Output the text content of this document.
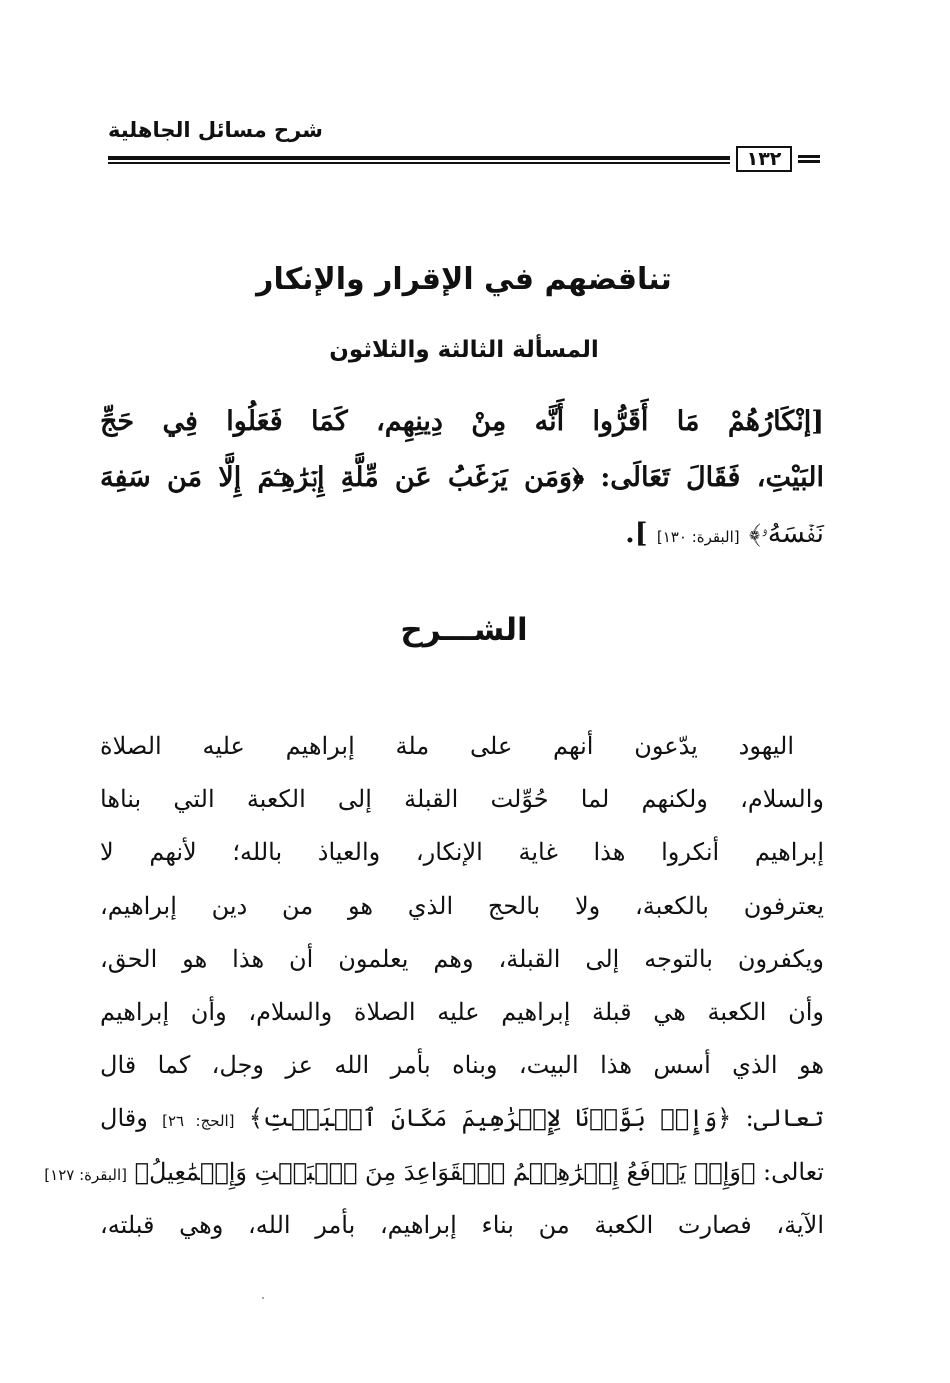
شرح مسائل الجاهلية
١٣٢
تناقضهم في الإقرار والإنكار
المسألة الثالثة والثلاثون
[إنْكَارُهُمْ مَا أَقَرُّوا أَنَّه مِنْ دِينِهِم، كَمَا فَعَلُوا فِي حَجِّ
البَيْتِ، فَقَالَ تَعَالَى: ﴿وَمَن يَرۡغَبُ عَن مِّلَّةِ إِبۡرَٰهِـۧمَ إِلَّا مَن سَفِهَ
نَفۡسَهُۥ﴾ [البقرة: ١٣٠] ].
الشـــرح
اليهود يدّعون أنهم على ملة إبراهيم عليه الصلاة
والسلام، ولكنهم لما حُوِّلت القبلة إلى الكعبة التي بناها
إبراهيم أنكروا هذا غاية الإنكار، والعياذ بالله؛ لأنهم لا
يعترفون بالكعبة، ولا بالحج الذي هو من دين إبراهيم،
ويكفرون بالتوجه إلى القبلة، وهم يعلمون أن هذا هو الحق،
وأن الكعبة هي قبلة إبراهيم عليه الصلاة والسلام، وأن إبراهيم
هو الذي أسس هذا البيت، وبناه بأمر الله عز وجل، كما قال
تعالى: ﴿وَإِذۡ بَوَّأۡنَا لِإِبۡرَٰهِيمَ مَكَانَ ٱلۡبَيۡتِ﴾ [الحج: ٢٦] وقال
تعالى: ﴿وَإِذۡ يَرۡفَعُ إِبۡرَٰهِـۧمُ ٱلۡقَوَاعِدَ مِنَ ٱلۡبَيۡتِ وَإِسۡمَٰعِيلُ﴾ [البقرة: ١٢٧]
الآية، فصارت الكعبة من بناء إبراهيم، بأمر الله، وهي قبلته،
